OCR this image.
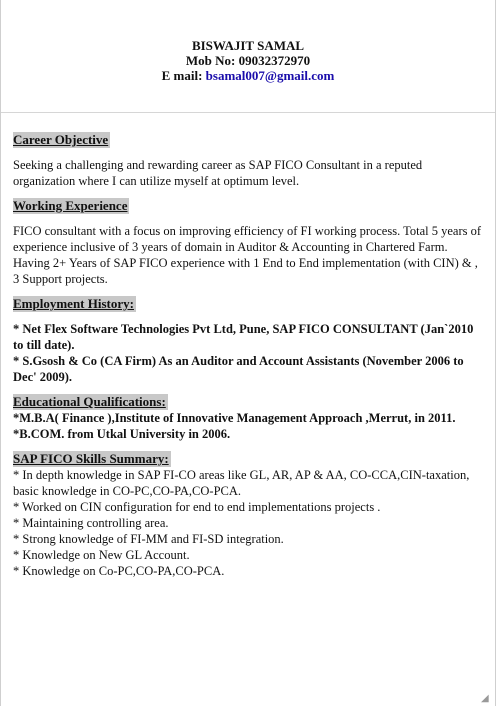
BISWAJIT SAMAL
Mob No: 09032372970
E mail: bsamal007@gmail.com
Career Objective

Seeking a challenging and rewarding career as SAP FICO Consultant in a reputed organization where I can utilize myself at optimum level.

Working Experience

FICO consultant with a focus on improving efficiency of FI working process. Total 5 years of experience inclusive of 3 years of domain in Auditor & Accounting in Chartered Farm. Having 2+ Years of SAP FICO experience with 1 End to End implementation (with CIN) & , 3 Support projects.

Employment History:
* Net Flex Software Technologies Pvt Ltd, Pune, SAP FICO CONSULTANT (Jan`2010 to till date).
* S.Gsosh & Co (CA Firm) As an Auditor and Account Assistants (November 2006 to Dec' 2009).
Educational Qualifications:
*M.B.A( Finance ),Institute of Innovative Management Approach ,Merrut, in 2011.
*B.COM. from Utkal University in 2006.
SAP FICO Skills Summary:
* In depth knowledge in SAP FI-CO areas like GL, AR, AP & AA, CO-CCA,CIN-taxation, basic knowledge in CO-PC,CO-PA,CO-PCA.
* Worked on CIN configuration for end to end implementations projects .
* Maintaining controlling area.
* Strong knowledge of FI-MM and FI-SD integration.
* Knowledge on New GL Account.
* Knowledge on Co-PC,CO-PA,CO-PCA.
◢
